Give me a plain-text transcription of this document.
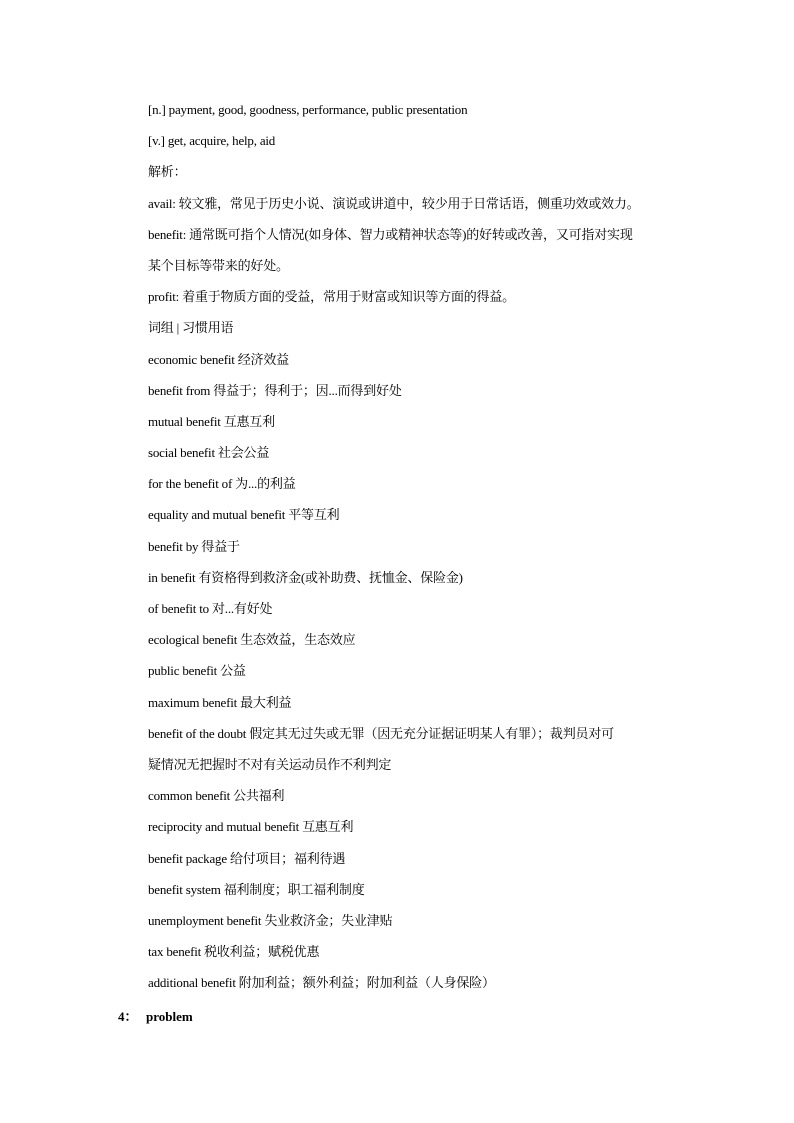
[n.] payment, good, goodness, performance, public presentation
[v.] get, acquire, help, aid
解析：
avail: 较文雅，常见于历史小说、演说或讲道中，较少用于日常话语，侧重功效或效力。
benefit: 通常既可指个人情况(如身体、智力或精神状态等)的好转或改善，又可指对实现
某个目标等带来的好处。
profit: 着重于物质方面的受益，常用于财富或知识等方面的得益。
词组 | 习惯用语
economic benefit 经济效益
benefit from 得益于；得利于；因...而得到好处
mutual benefit 互惠互利
social benefit 社会公益
for the benefit of 为...的利益
equality and mutual benefit 平等互利
benefit by 得益于
in benefit 有资格得到救济金(或补助费、抚恤金、保险金)
of benefit to 对...有好处
ecological benefit 生态效益，生态效应
public benefit 公益
maximum benefit 最大利益
benefit of the doubt 假定其无过失或无罪（因无充分证据证明某人有罪）；裁判员对可
疑情况无把握时不对有关运动员作不利判定
common benefit 公共福利
reciprocity and mutual benefit 互惠互利
benefit package 给付项目；福利待遇
benefit system 福利制度；职工福利制度
unemployment benefit 失业救济金；失业津贴
tax benefit 税收利益；赋税优惠
additional benefit 附加利益；额外利益；附加利益（人身保险）
4： problem
